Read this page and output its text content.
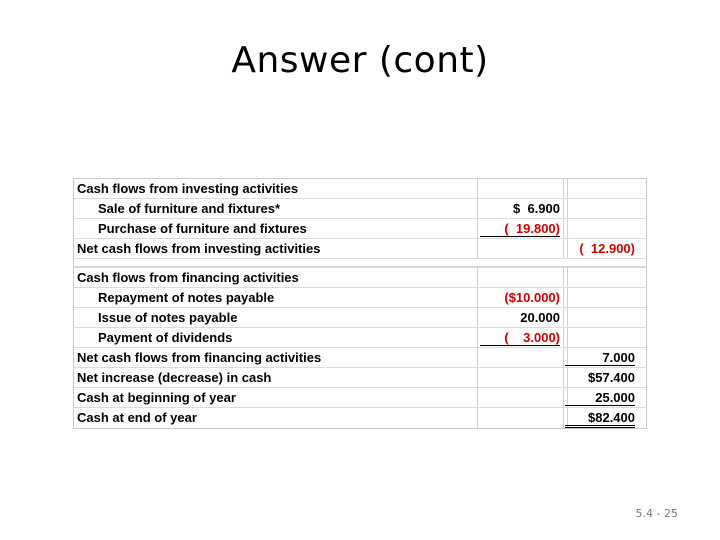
Answer (cont)
Cash flows from investing activities
Sale of furniture and fixtures*	$  6.900
Purchase of furniture and fixtures	(  19.800)
Net cash flows from investing activities	(  12.900)
Cash flows from financing activities
Repayment of notes payable	($10.000)
Issue of notes payable	20.000
Payment of dividends	(    3.000)
Net cash flows from financing activities	7.000
Net increase (decrease) in cash	$57.400
Cash at beginning of year	25.000
Cash at end of year	$82.400
5.4 - 25
